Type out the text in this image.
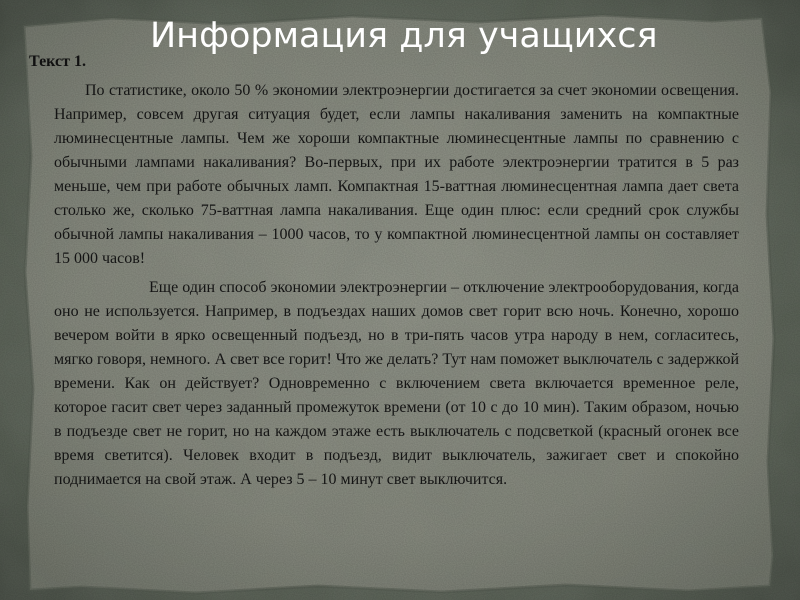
Информация для учащихся
Текст 1.

По статистике, около 50 % экономии электроэнергии достигается за счет экономии освещения. Например, совсем другая ситуация будет, если лампы накаливания заменить на компактные люминесцентные лампы. Чем же хороши компактные люминесцентные лампы по сравнению с обычными лампами накаливания? Во-первых, при их работе электроэнергии тратится в 5 раз меньше, чем при работе обычных ламп. Компактная 15-ваттная люминесцентная лампа дает света столько же, сколько 75-ваттная лампа накаливания. Еще один плюс: если средний срок службы обычной лампы накаливания – 1000 часов, то у компактной люминесцентной лампы он составляет 15 000 часов!

Еще один способ экономии электроэнергии – отключение электрооборудования, когда оно не используется. Например, в подъездах наших домов свет горит всю ночь. Конечно, хорошо вечером войти в ярко освещенный подъезд, но в три-пять часов утра народу в нем, согласитесь, мягко говоря, немного. А свет все горит! Что же делать? Тут нам поможет выключатель с задержкой времени. Как он действует? Одновременно с включением света включается временное реле, которое гасит свет через заданный промежуток времени (от 10 с до 10 мин). Таким образом, ночью в подъезде свет не горит, но на каждом этаже есть выключатель с подсветкой (красный огонек все время светится). Человек входит в подъезд, видит выключатель, зажигает свет и спокойно поднимается на свой этаж. А через 5 – 10 минут свет выключится.
